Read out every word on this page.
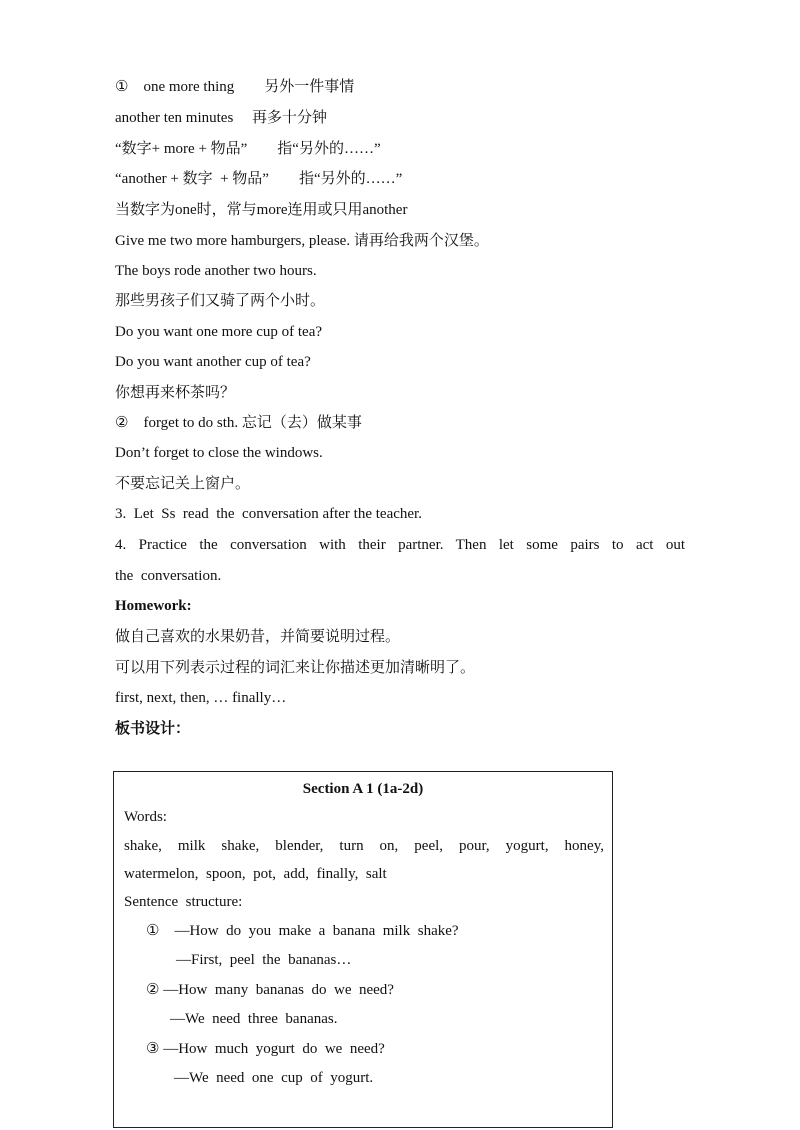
①　one more thing　　另外一件事情
another ten minutes　 再多十分钟
“数字+ more + 物品”　　指“另外的……”
“another + 数字  + 物品”　　指“另外的……”
当数字为one时，常与more连用或只用another
Give me two more hamburgers, please. 请再给我两个汉堡。
The boys rode another two hours.
那些男孩子们又骑了两个小时。
Do you want one more cup of tea?
Do you want another cup of tea?
你想再来杯茶吗？
②　forget to do sth. 忘记（去）做某事
Don’t forget to close the windows.
不要忘记关上窗户。
3.  Let  Ss  read  the  conversation after the teacher.
4. Practice the conversation with their partner. Then let some pairs to act out
the  conversation.
Homework:
做自己喜欢的水果奶昔，并简要说明过程。
可以用下列表示过程的词汇来让你描述更加清晰明了。
first, next, then, … finally…
板书设计：
Section A 1 (1a-2d)
Words:
shake, milk shake, blender, turn on, peel, pour, yogurt, honey,
watermelon,  spoon,  pot,  add,  finally,  salt
Sentence  structure:
①　—How  do  you  make  a  banana  milk  shake?
—First,  peel  the  bananas…
② —How  many  bananas  do  we  need?
—We  need  three  bananas.
③ —How  much  yogurt  do  we  need?
—We  need  one  cup  of  yogurt.
